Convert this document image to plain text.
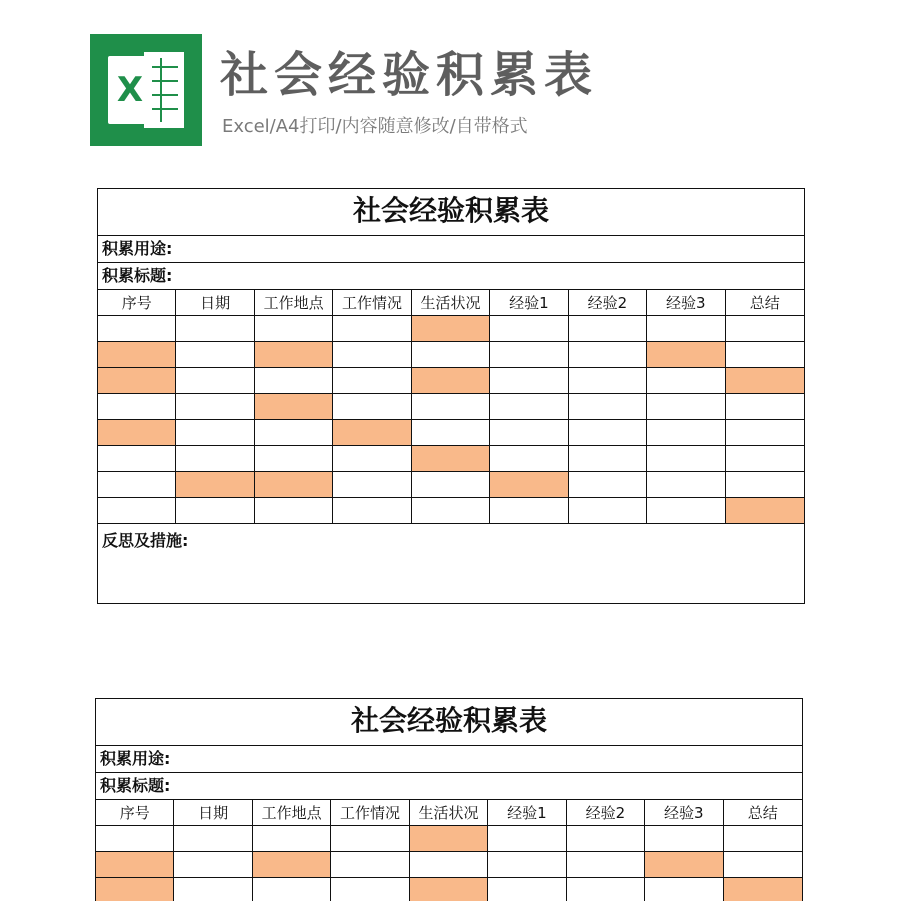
X 社会经验积累表
Excel/A4打印/内容随意修改/自带格式
社会经验积累表
积累用途:
积累标题:
序号	日期	工作地点	工作情况	生活状况	经验1	经验2	经验3	总结
反思及措施:
社会经验积累表
积累用途:
积累标题:
序号	日期	工作地点	工作情况	生活状况	经验1	经验2	经验3	总结
